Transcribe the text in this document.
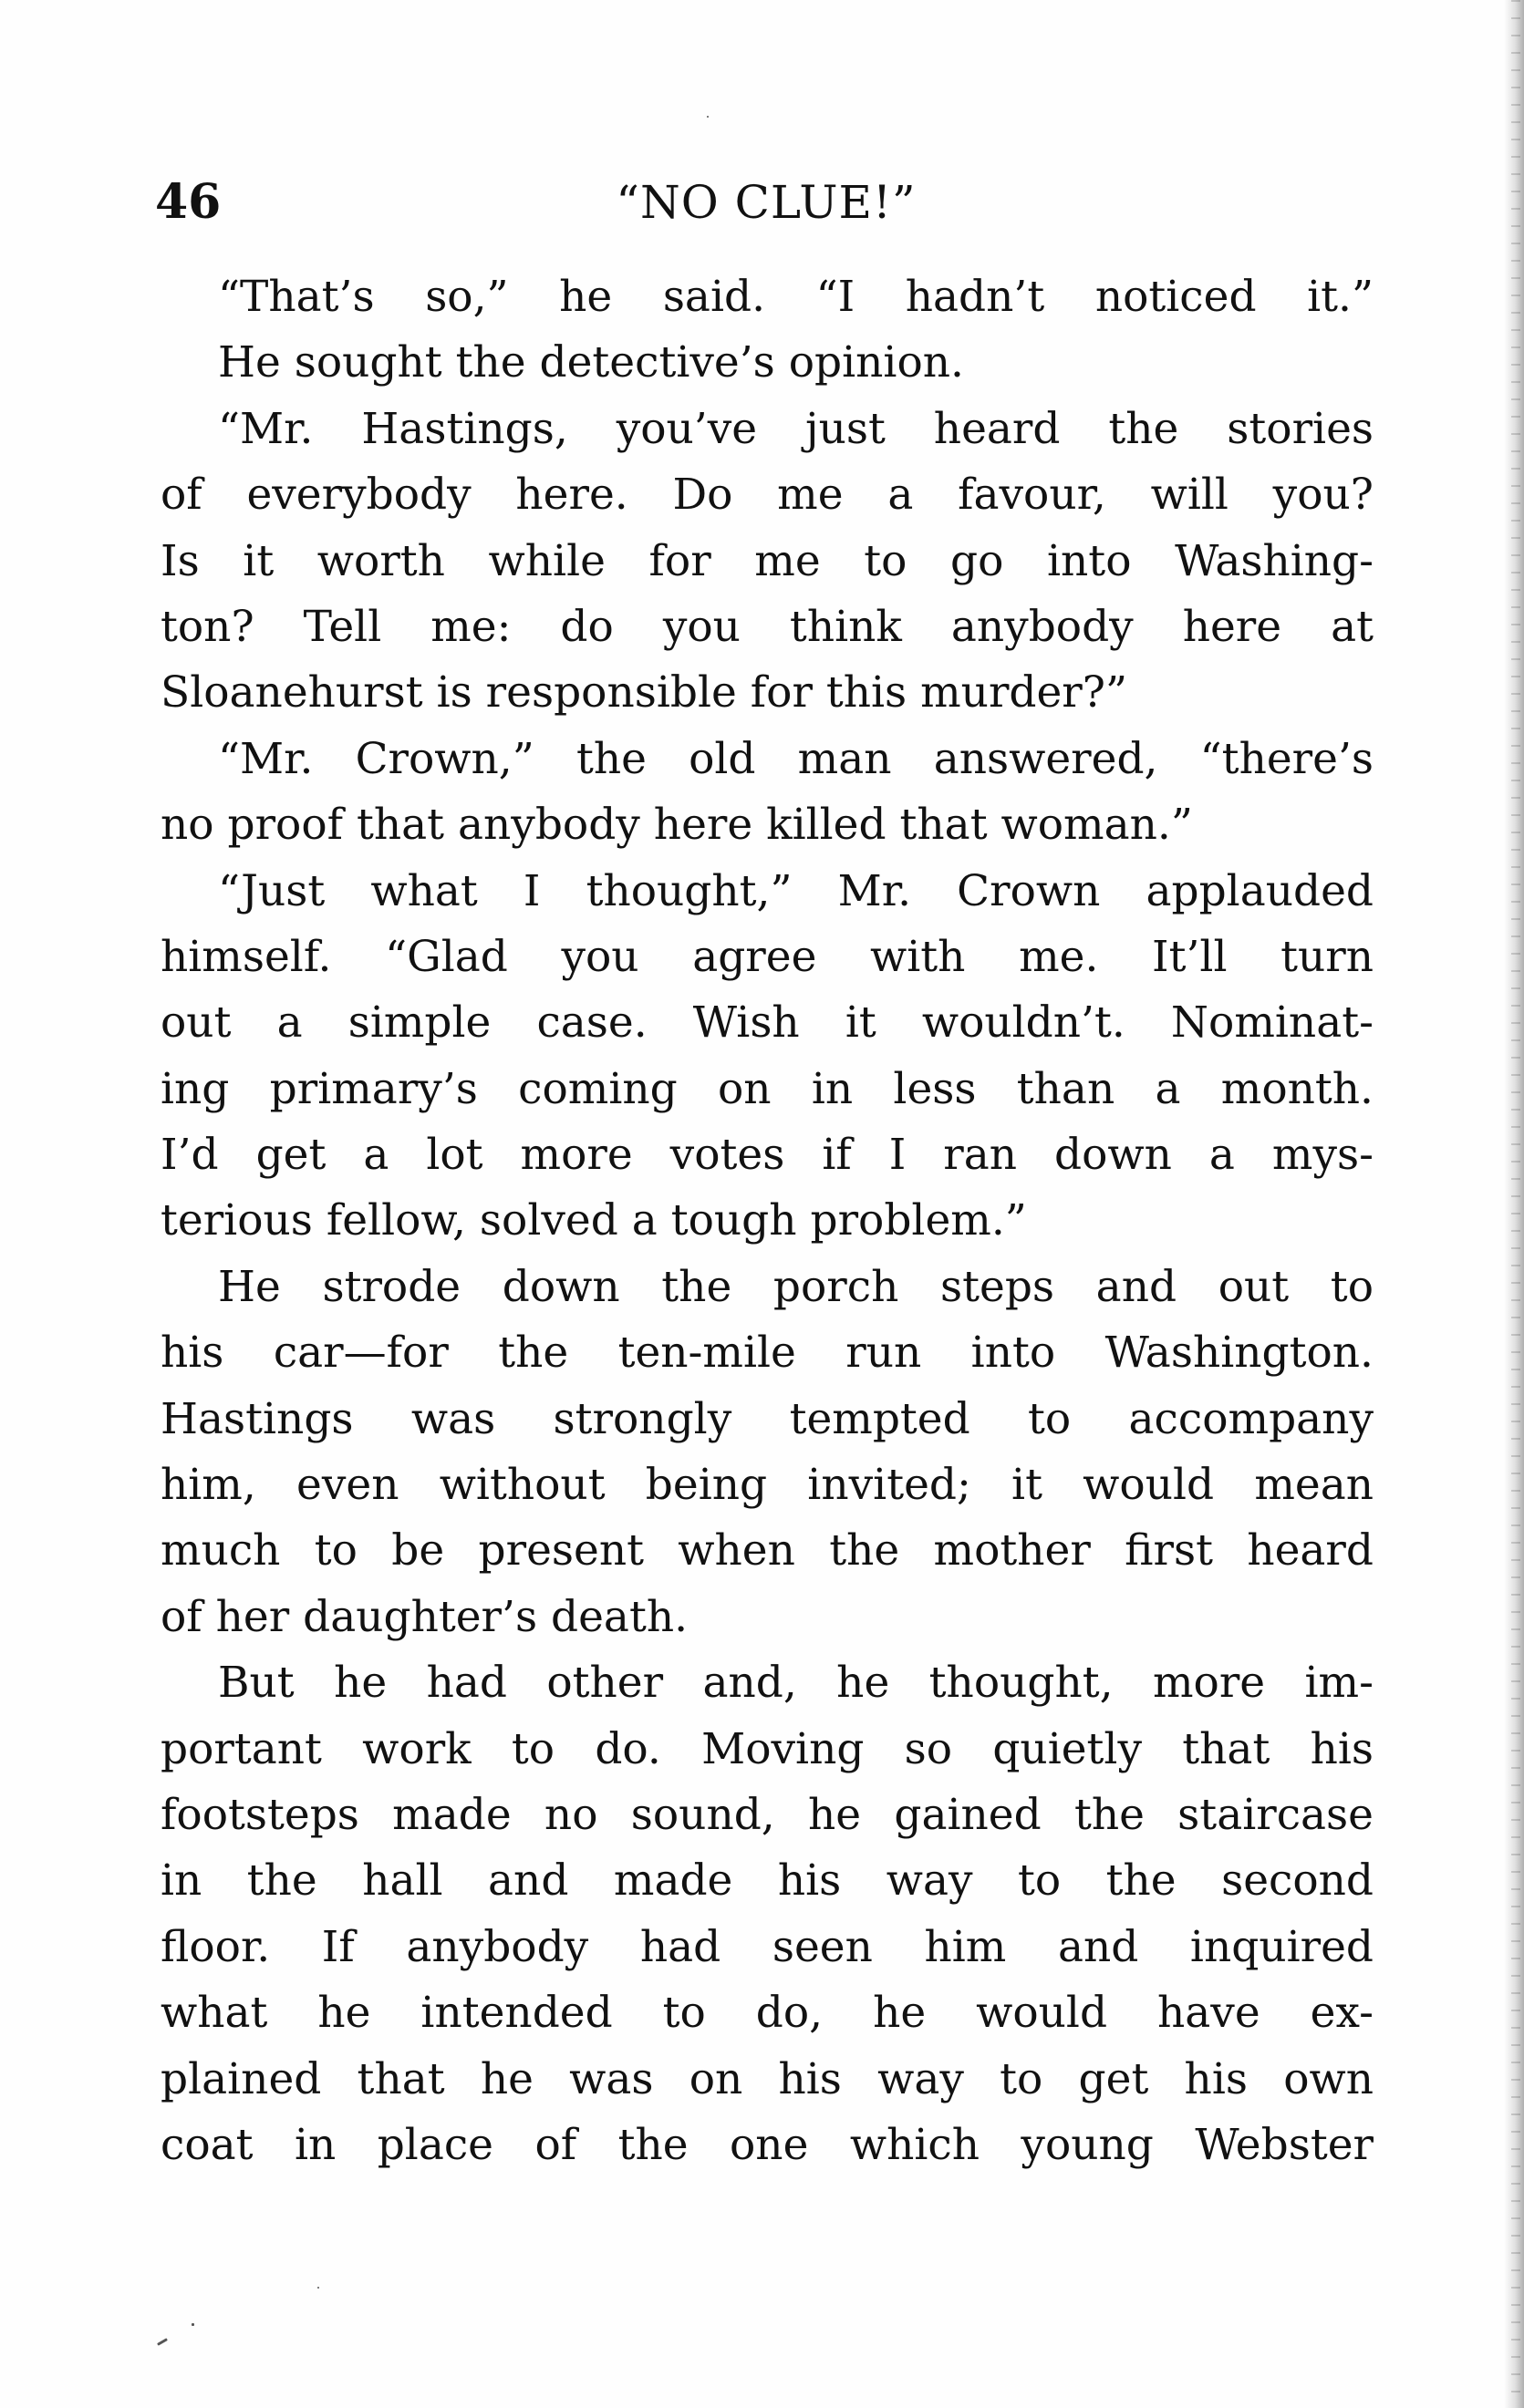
46	“NO CLUE!”
“That’s so,” he said. “I hadn’t noticed it.”
He sought the detective’s opinion.
“Mr. Hastings, you’ve just heard the stories
of everybody here. Do me a favour, will you?
Is it worth while for me to go into Washing-
ton? Tell me: do you think anybody here at
Sloanehurst is responsible for this murder?”
“Mr. Crown,” the old man answered, “there’s
no proof that anybody here killed that woman.”
“Just what I thought,” Mr. Crown applauded
himself. “Glad you agree with me. It’ll turn
out a simple case. Wish it wouldn’t. Nominat-
ing primary’s coming on in less than a month.
I’d get a lot more votes if I ran down a mys-
terious fellow, solved a tough problem.”
He strode down the porch steps and out to
his car—for the ten-mile run into Washington.
Hastings was strongly tempted to accompany
him, even without being invited; it would mean
much to be present when the mother first heard
of her daughter’s death.
But he had other and, he thought, more im-
portant work to do. Moving so quietly that his
footsteps made no sound, he gained the staircase
in the hall and made his way to the second
floor. If anybody had seen him and inquired
what he intended to do, he would have ex-
plained that he was on his way to get his own
coat in place of the one which young Webster
